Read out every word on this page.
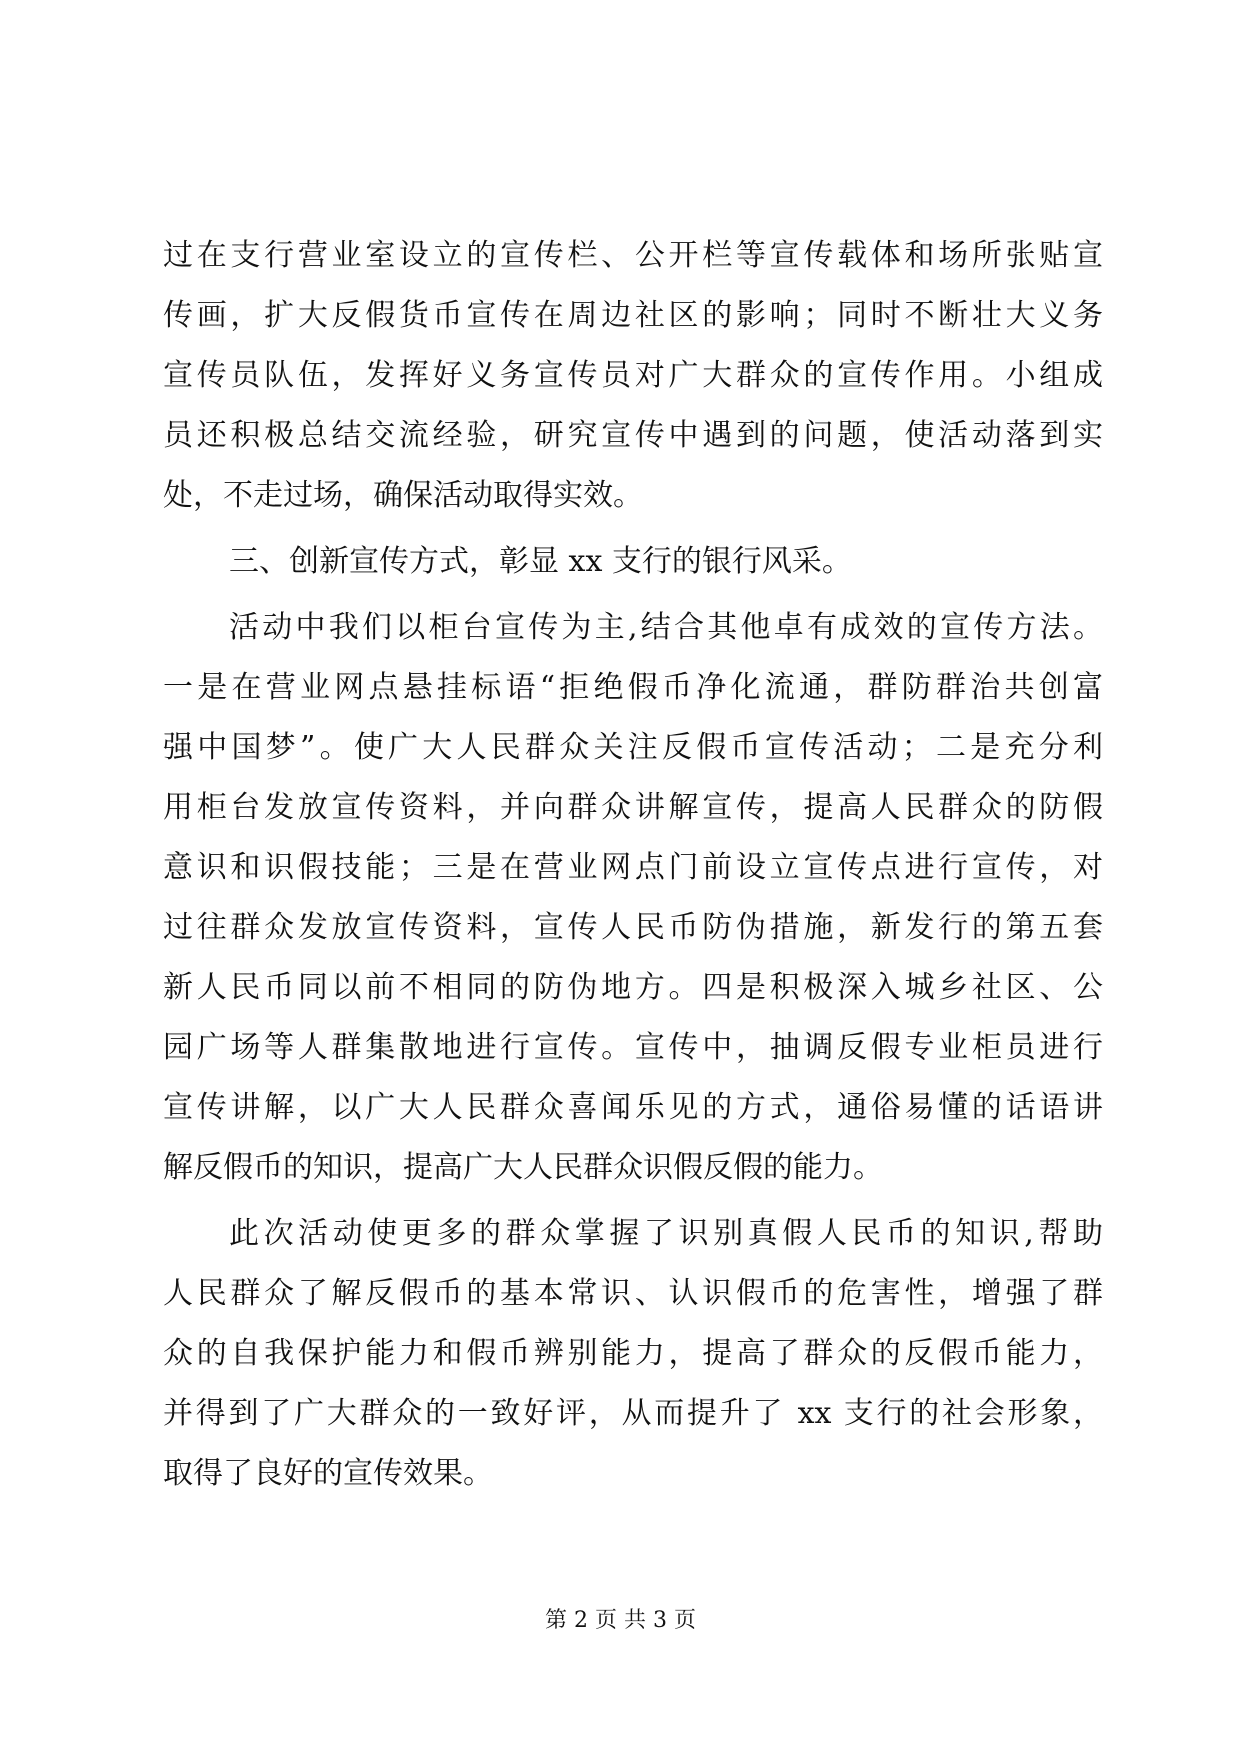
过在支行营业室设立的宣传栏、公开栏等宣传载体和场所张贴宣
传画，扩大反假货币宣传在周边社区的影响；同时不断壮大义务
宣传员队伍，发挥好义务宣传员对广大群众的宣传作用。小组成
员还积极总结交流经验，研究宣传中遇到的问题，使活动落到实
处，不走过场，确保活动取得实效。
三、创新宣传方式，彰显 xx 支行的银行风采。
活动中我们以柜台宣传为主,结合其他卓有成效的宣传方法。
一是在营业网点悬挂标语“拒绝假币净化流通，群防群治共创富
强中国梦”。使广大人民群众关注反假币宣传活动；二是充分利
用柜台发放宣传资料，并向群众讲解宣传，提高人民群众的防假
意识和识假技能；三是在营业网点门前设立宣传点进行宣传，对
过往群众发放宣传资料，宣传人民币防伪措施，新发行的第五套
新人民币同以前不相同的防伪地方。四是积极深入城乡社区、公
园广场等人群集散地进行宣传。宣传中，抽调反假专业柜员进行
宣传讲解，以广大人民群众喜闻乐见的方式，通俗易懂的话语讲
解反假币的知识，提高广大人民群众识假反假的能力。
此次活动使更多的群众掌握了识别真假人民币的知识,帮助
人民群众了解反假币的基本常识、认识假币的危害性，增强了群
众的自我保护能力和假币辨别能力，提高了群众的反假币能力，
并得到了广大群众的一致好评，从而提升了 xx 支行的社会形象，
取得了良好的宣传效果。
第 2 页 共 3 页
